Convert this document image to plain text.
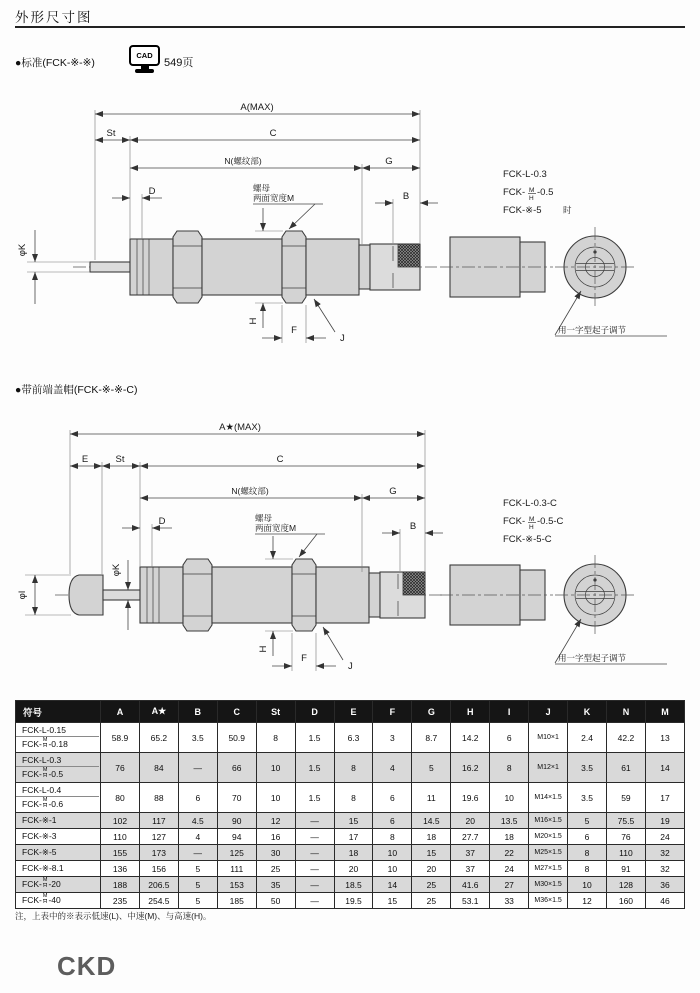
外形尺寸图
●标准(FCK-※-※)
CAD
549页
A(MAX)
St	C
N(螺纹部)	G
D	螺母
两面宽度M	B
φK
H
F
J
FCK-L-0.3
FCK- M
H
-0.5
FCK-※-5	时
用一字型起子调节
●带前端盖帽(FCK-※-※-C)
A★(MAX)
E	St	C
N(螺纹部)	G
D	螺母
两面宽度M	B
φI
φK
H
F
J
FCK-L-0.3-C
FCK- M
H
-0.5-C
FCK-※-5-C
用一字型起子调节
符号	A	A★	B	C	St	D	E	F	G	H	I	J	K	N	M

FCK-L-0.15
$FCK- \frac{M}{H} -0.18$	58.9	65.2	3.5	50.9	8	1.5	6.3	3	8.7	14.2	6	M10×1	2.4	42.2	13

FCK-L-0.3
$FCK- \frac{M}{H} -0.5$	76	84	—	66	10	1.5	8	4	5	16.2	8	M12×1	3.5	61	14

FCK-L-0.4
$FCK- \frac{M}{H} -0.6$	80	88	6	70	10	1.5	8	6	11	19.6	10	M14×1.5	3.5	59	17

FCK-※-1	102	117	4.5	90	12	—	15	6	14.5	20	13.5	M16×1.5	5	75.5	19

FCK-※-3	110	127	4	94	16	—	17	8	18	27.7	18	M20×1.5	6	76	24

FCK-※-5	155	173	—	125	30	—	18	10	15	37	22	M25×1.5	8	110	32

FCK-※-8.1	136	156	5	111	25	—	20	10	20	37	24	M27×1.5	8	91	32

$FCK- \frac{M}{H} -20$	188	206.5	5	153	35	—	18.5	14	25	41.6	27	M30×1.5	10	128	36

$FCK- \frac{M}{H} -40$	235	254.5	5	185	50	—	19.5	15	25	53.1	33	M36×1.5	12	160	46
注，上表中的※表示低速(L)、中速(M)、与高速(H)。
CKD
